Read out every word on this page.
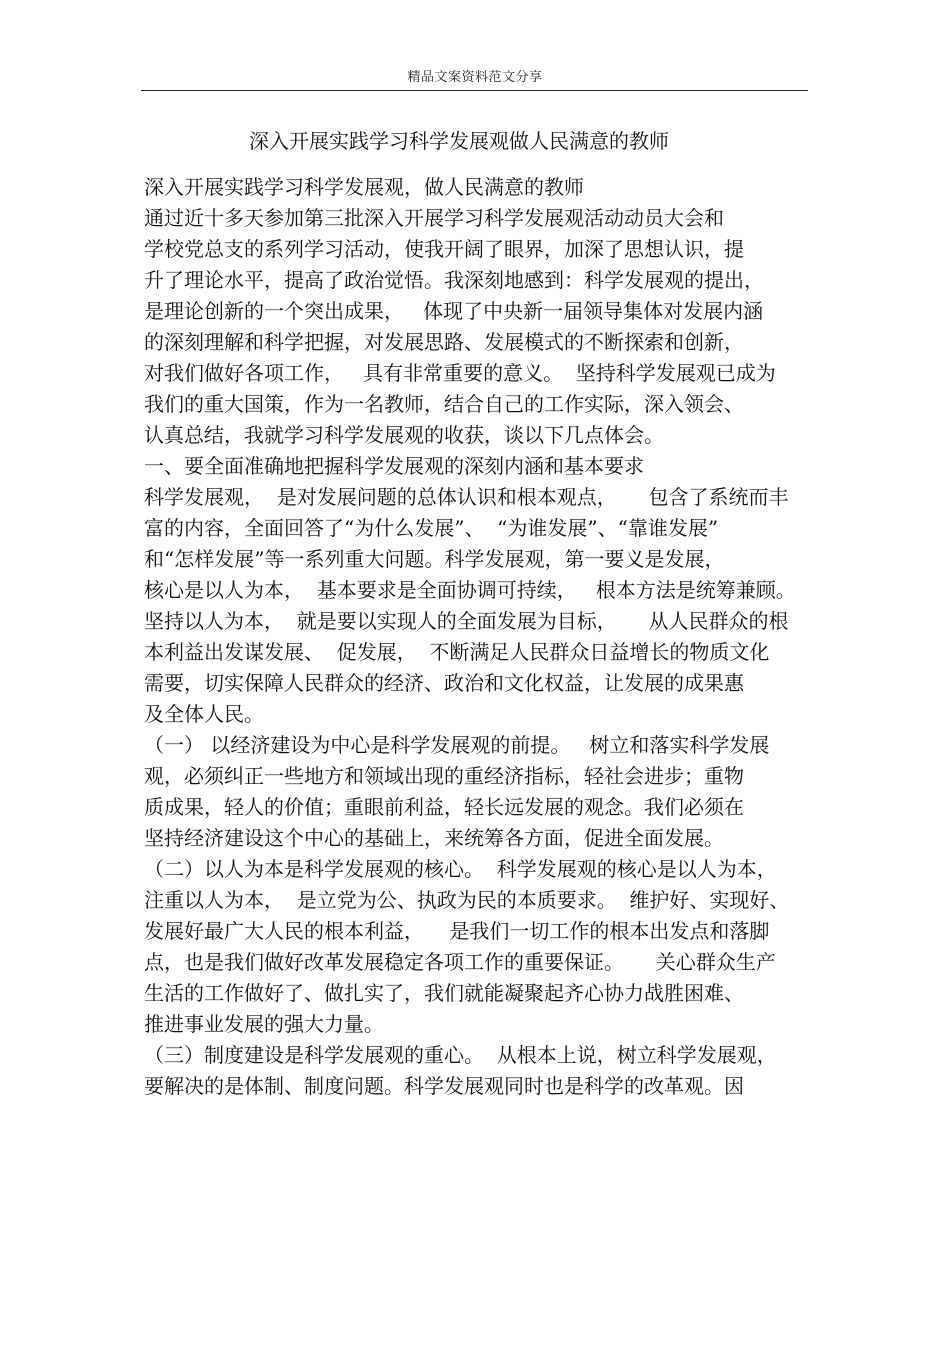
精品文案资料范文分享
深入开展实践学习科学发展观做人民满意的教师
深入开展实践学习科学发展观，做人民满意的教师
通过近十多天参加第三批深入开展学习科学发展观活动动员大会和
学校党总支的系列学习活动，使我开阔了眼界，加深了思想认识，提
升了理论水平，提高了政治觉悟。我深刻地感到：科学发展观的提出，
是理论创新的一个突出成果，   体现了中央新一届领导集体对发展内涵
的深刻理解和科学把握，对发展思路、发展模式的不断探索和创新，
对我们做好各项工作，   具有非常重要的意义。  坚持科学发展观已成为
我们的重大国策，作为一名教师，结合自己的工作实际，深入领会、
认真总结，我就学习科学发展观的收获，谈以下几点体会。
一、要全面准确地把握科学发展观的深刻内涵和基本要求
科学发展观，  是对发展问题的总体认识和根本观点，     包含了系统而丰
富的内容，全面回答了“为什么发展”、  “为谁发展”、“靠谁发展”
和“怎样发展”等一系列重大问题。科学发展观，第一要义是发展，
核心是以人为本，  基本要求是全面协调可持续，   根本方法是统筹兼顾。
坚持以人为本，  就是要以实现人的全面发展为目标，     从人民群众的根
本利益出发谋发展、  促发展，  不断满足人民群众日益增长的物质文化
需要，切实保障人民群众的经济、政治和文化权益，让发展的成果惠
及全体人民。
（一） 以经济建设为中心是科学发展观的前提。   树立和落实科学发展
观，必须纠正一些地方和领域出现的重经济指标，轻社会进步；重物
质成果，轻人的价值；重眼前利益，轻长远发展的观念。我们必须在
坚持经济建设这个中心的基础上，来统筹各方面，促进全面发展。
（二）以人为本是科学发展观的核心。  科学发展观的核心是以人为本，
注重以人为本，  是立党为公、执政为民的本质要求。  维护好、实现好、
发展好最广大人民的根本利益，    是我们一切工作的根本出发点和落脚
点，也是我们做好改革发展稳定各项工作的重要保证。     关心群众生产
生活的工作做好了、做扎实了，我们就能凝聚起齐心协力战胜困难、
推进事业发展的强大力量。
（三）制度建设是科学发展观的重心。  从根本上说，树立科学发展观，
要解决的是体制、制度问题。科学发展观同时也是科学的改革观。因
